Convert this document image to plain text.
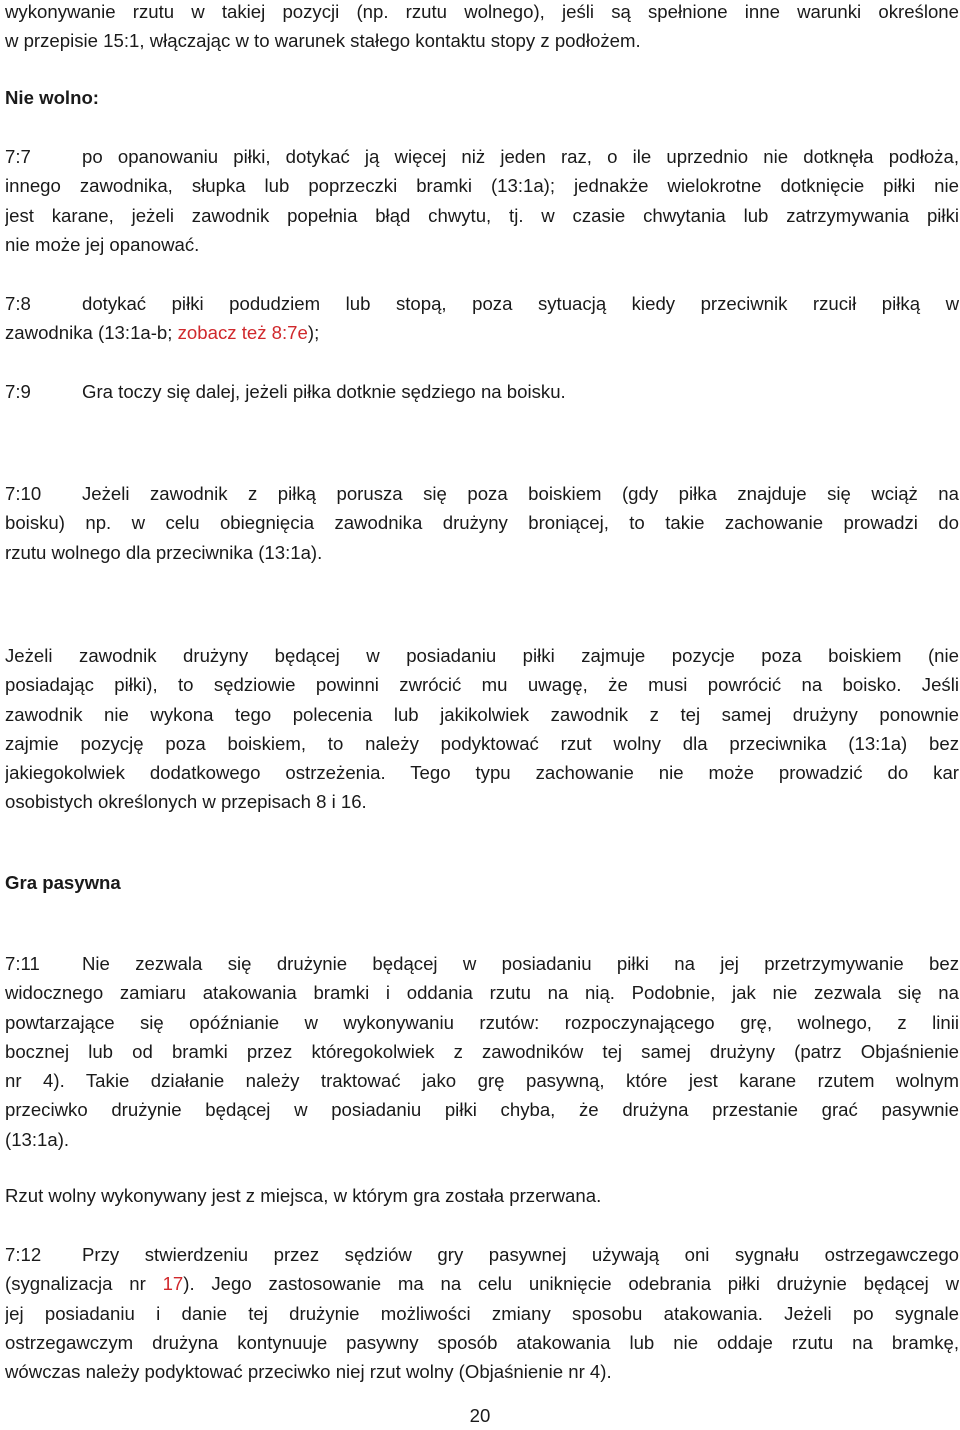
wykonywanie rzutu w takiej pozycji (np. rzutu wolnego), jeśli są spełnione inne warunki określone
w przepisie 15:1, włączając w to warunek stałego kontaktu stopy z podłożem.
Nie wolno:
7:7	po opanowaniu piłki, dotykać ją więcej niż jeden raz, o ile uprzednio nie dotknęła podłoża,
innego zawodnika, słupka lub poprzeczki bramki (13:1a); jednakże wielokrotne dotknięcie piłki nie
jest karane, jeżeli zawodnik popełnia błąd chwytu, tj. w czasie chwytania lub zatrzymywania piłki
nie może jej opanować.
7:8	dotykać piłki podudziem lub stopą, poza sytuacją kiedy przeciwnik rzucił piłką w
zawodnika (13:1a-b; zobacz też 8:7e);
7:9	Gra toczy się dalej, jeżeli piłka dotknie sędziego na boisku.
7:10 Jeżeli zawodnik z piłką porusza się poza boiskiem (gdy piłka znajduje się wciąż na
boisku) np. w celu obiegnięcia zawodnika drużyny broniącej, to takie zachowanie prowadzi do
rzutu wolnego dla przeciwnika (13:1a).
Jeżeli zawodnik drużyny będącej w posiadaniu piłki zajmuje pozycje poza boiskiem (nie
posiadając piłki), to sędziowie powinni zwrócić mu uwagę, że musi powrócić na boisko. Jeśli
zawodnik nie wykona tego polecenia lub jakikolwiek zawodnik z tej samej drużyny ponownie
zajmie pozycję poza boiskiem, to należy podyktować rzut wolny dla przeciwnika (13:1a) bez
jakiegokolwiek dodatkowego ostrzeżenia. Tego typu zachowanie nie może prowadzić do kar
osobistych określonych w przepisach 8 i 16.
Gra pasywna
7:11 Nie zezwala się drużynie będącej w posiadaniu piłki na jej przetrzymywanie bez
widocznego zamiaru atakowania bramki i oddania rzutu na nią. Podobnie, jak nie zezwala się na
powtarzające się opóźnianie w wykonywaniu rzutów: rozpoczynającego grę, wolnego, z linii
bocznej lub od bramki przez któregokolwiek z zawodników tej samej drużyny (patrz Objaśnienie
nr 4). Takie działanie należy traktować jako grę pasywną, które jest karane rzutem wolnym
przeciwko drużynie będącej w posiadaniu piłki chyba, że drużyna przestanie grać pasywnie
(13:1a).
Rzut wolny wykonywany jest z miejsca, w którym gra została przerwana.
7:12 Przy stwierdzeniu przez sędziów gry pasywnej używają oni sygnału ostrzegawczego
(sygnalizacja nr 17). Jego zastosowanie ma na celu uniknięcie odebrania piłki drużynie będącej w
jej posiadaniu i danie tej drużynie możliwości zmiany sposobu atakowania. Jeżeli po sygnale
ostrzegawczym drużyna kontynuuje pasywny sposób atakowania lub nie oddaje rzutu na bramkę,
wówczas należy podyktować przeciwko niej rzut wolny (Objaśnienie nr 4).
20
